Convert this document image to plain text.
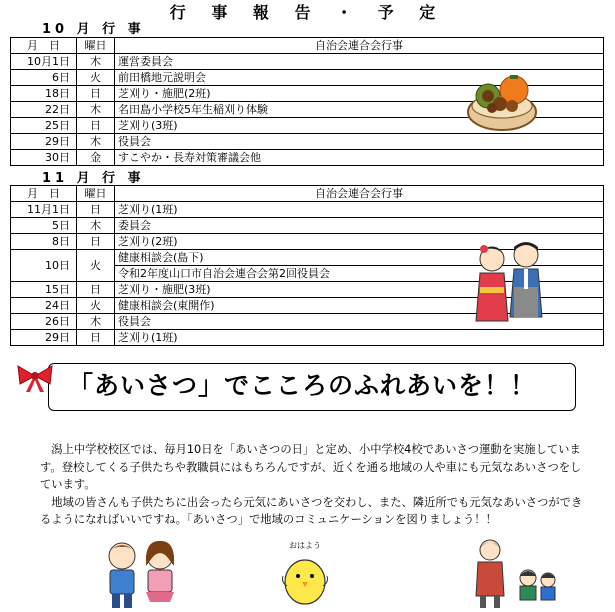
行 事 報 告 ・ 予 定
10 月 行 事
月　日	曜日	自治会連合会行事
10月1日	木	運営委員会
6日	火	前田橋地元説明会
18日	日	芝刈り・施肥(2班)
22日	木	名田島小学校5年生稲刈り体験
25日	日	芝刈り(3班)
29日	木	役員会
30日	金	すこやか・長寿対策審議会他
11 月 行 事
月　日	曜日	自治会連合会行事
11月1日	日	芝刈り(1班)
5日	木	委員会
8日	日	芝刈り(2班)
10日	火	健康相談会(島下)
		令和2年度山口市自治会連合会第2回役員会
15日	日	芝刈り・施肥(3班)
24日	火	健康相談会(東開作)
26日	木	役員会
29日	日	芝刈り(1班)
「あいさつ」でこころのふれあいを！！

潟上中学校校区では、毎月10日を「あいさつの日」と定め、小中学校4校であいさつ運動を実施しています。登校してくる子供たちや教職員にはもちろんですが、近くを通る地域の人や車にも元気なあいさつをしています。

地域の皆さんも子供たちに出会ったら元気にあいさつを交わし、また、隣近所でも元気なあいさつができるようになればいいですね。「あいさつ」で地域のコミュニケーションを図りましょう！！

おはよう
